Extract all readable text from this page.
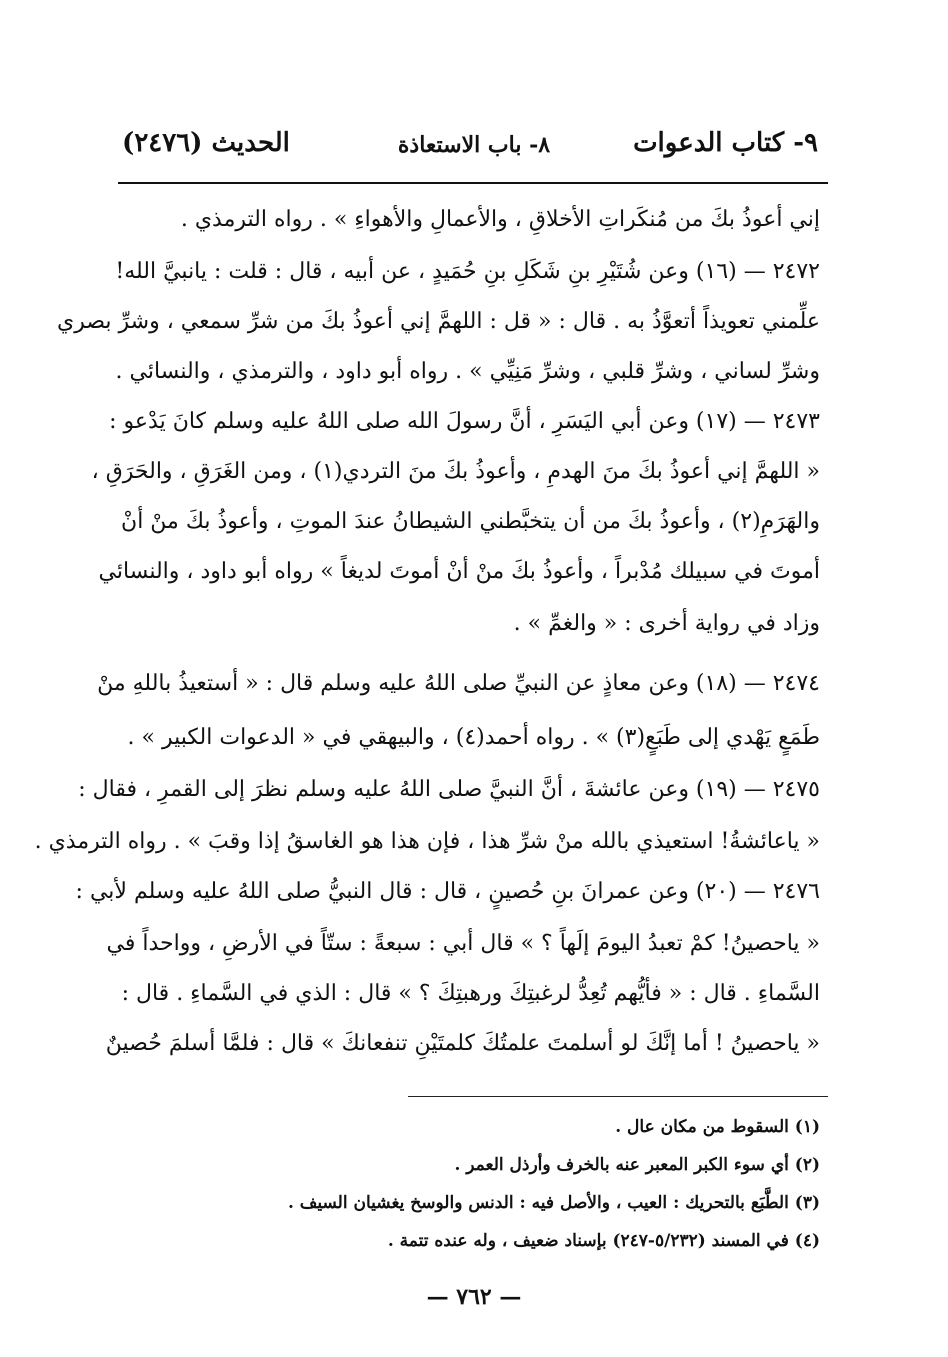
٩- كتاب الدعوات
٨- باب الاستعاذة
الحديث (٢٤٧٦)
إني أعوذُ بكَ من مُنكَراتِ الأخلاقِ ، والأعمالِ والأهواءِ » . رواه الترمذي .
٢٤٧٢ — (١٦) وعن شُتَيْرِ بنِ شَكَلِ بنِ حُمَيدٍ ، عن أبيه ، قال : قلت : يانبيَّ الله!
علِّمني تعويذاً أتعوَّذُ به . قال : « قل : اللهمَّ إني أعوذُ بكَ من شرِّ سمعي ، وشرِّ بصري
وشرِّ لساني ، وشرِّ قلبي ، وشرِّ مَنِيِّي » . رواه أبو داود ، والترمذي ، والنسائي .
٢٤٧٣ — (١٧) وعن أبي اليَسَرِ ، أنَّ رسولَ الله صلى اللهُ عليه وسلم كانَ يَدْعو :
« اللهمَّ إني أعوذُ بكَ منَ الهدمِ ، وأعوذُ بكَ منَ التردي(١) ، ومن الغَرَقِ ، والحَرَقِ ،
والهَرَمِ(٢) ، وأعوذُ بكَ من أن يتخبَّطني الشيطانُ عندَ الموتِ ، وأعوذُ بكَ منْ أنْ
أموتَ في سبيلك مُدْبراً ، وأعوذُ بكَ منْ أنْ أموتَ لديغاً » رواه أبو داود ، والنسائي
وزاد في رواية أخرى : « والغمِّ » .
٢٤٧٤ — (١٨) وعن معاذٍ عن النبيِّ صلى اللهُ عليه وسلم قال : « أستعيذُ باللهِ منْ
طَمَعٍ يَهْدي إلى طَبَعٍ(٣) » . رواه أحمد(٤) ، والبيهقي في « الدعوات الكبير » .
٢٤٧٥ — (١٩) وعن عائشةَ ، أنَّ النبيَّ صلى اللهُ عليه وسلم نظرَ إلى القمرِ ، فقال :
« ياعائشةُ! استعيذي بالله منْ شرِّ هذا ، فإن هذا هو الغاسقُ إذا وقبَ » . رواه الترمذي .
٢٤٧٦ — (٢٠) وعن عمرانَ بنِ حُصينٍ ، قال : قال النبيُّ صلى اللهُ عليه وسلم لأبي :
« ياحصينُ! كمْ تعبدُ اليومَ إلَهاً ؟ » قال أبي : سبعةً : ستّاً في الأرضِ ، وواحداً في
السَّماءِ . قال : « فأيُّهم تُعِدُّ لرغبتِكَ ورهبتِكَ ؟ » قال : الذي في السَّماءِ . قال :
« ياحصينُ ! أما إنَّكَ لو أسلمتَ علمتُكَ كلمتَيْنِ تنفعانكَ » قال : فلمَّا أسلمَ حُصينٌ
(١) السقوط من مكان عال .
(٢) أي سوء الكبر المعبر عنه بالخرف وأرذل العمر .
(٣) الطَّبَع بالتحريك : العيب ، والأصل فيه : الدنس والوسخ يغشيان السيف .
(٤) في المسند (٥/٢٣٢-٢٤٧) بإسناد ضعيف ، وله عنده تتمة .
— ٧٦٢ —
